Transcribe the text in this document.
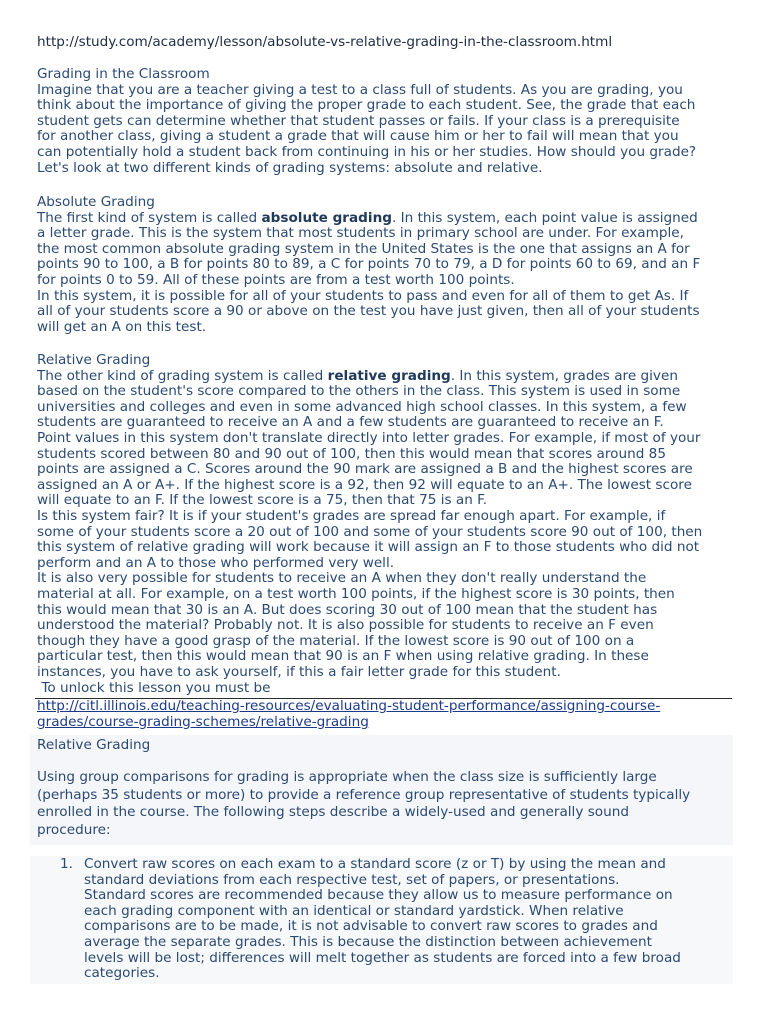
http://study.com/academy/lesson/absolute-vs-relative-grading-in-the-classroom.html

Grading in the Classroom

Imagine that you are a teacher giving a test to a class full of students. As you are grading, you
think about the importance of giving the proper grade to each student. See, the grade that each
student gets can determine whether that student passes or fails. If your class is a prerequisite
for another class, giving a student a grade that will cause him or her to fail will mean that you
can potentially hold a student back from continuing in his or her studies. How should you grade?
Let's look at two different kinds of grading systems: absolute and relative.

Absolute Grading

The first kind of system is called absolute grading. In this system, each point value is assigned
a letter grade. This is the system that most students in primary school are under. For example,
the most common absolute grading system in the United States is the one that assigns an A for
points 90 to 100, a B for points 80 to 89, a C for points 70 to 79, a D for points 60 to 69, and an F
for points 0 to 59. All of these points are from a test worth 100 points.

In this system, it is possible for all of your students to pass and even for all of them to get As. If
all of your students score a 90 or above on the test you have just given, then all of your students
will get an A on this test.

Relative Grading

The other kind of grading system is called relative grading. In this system, grades are given
based on the student's score compared to the others in the class. This system is used in some
universities and colleges and even in some advanced high school classes. In this system, a few
students are guaranteed to receive an A and a few students are guaranteed to receive an F.
Point values in this system don't translate directly into letter grades. For example, if most of your
students scored between 80 and 90 out of 100, then this would mean that scores around 85
points are assigned a C. Scores around the 90 mark are assigned a B and the highest scores are
assigned an A or A+. If the highest score is a 92, then 92 will equate to an A+. The lowest score
will equate to an F. If the lowest score is a 75, then that 75 is an F.

Is this system fair? It is if your student's grades are spread far enough apart. For example, if
some of your students score a 20 out of 100 and some of your students score 90 out of 100, then
this system of relative grading will work because it will assign an F to those students who did not
perform and an A to those who performed very well.

It is also very possible for students to receive an A when they don't really understand the
material at all. For example, on a test worth 100 points, if the highest score is 30 points, then
this would mean that 30 is an A. But does scoring 30 out of 100 mean that the student has
understood the material? Probably not. It is also possible for students to receive an F even
though they have a good grasp of the material. If the lowest score is 90 out of 100 on a
particular test, then this would mean that 90 is an F when using relative grading. In these
instances, you have to ask yourself, if this a fair letter grade for this student.

To unlock this lesson you must be
http://citl.illinois.edu/teaching-resources/evaluating-student-performance/assigning-course-
grades/course-grading-schemes/relative-grading
Relative Grading
Using group comparisons for grading is appropriate when the class size is sufficiently large
(perhaps 35 students or more) to provide a reference group representative of students typically
enrolled in the course. The following steps describe a widely-used and generally sound
procedure:
1. Convert raw scores on each exam to a standard score (z or T) by using the mean and
standard deviations from each respective test, set of papers, or presentations.
Standard scores are recommended because they allow us to measure performance on
each grading component with an identical or standard yardstick. When relative
comparisons are to be made, it is not advisable to convert raw scores to grades and
average the separate grades. This is because the distinction between achievement
levels will be lost; differences will melt together as students are forced into a few broad
categories.
